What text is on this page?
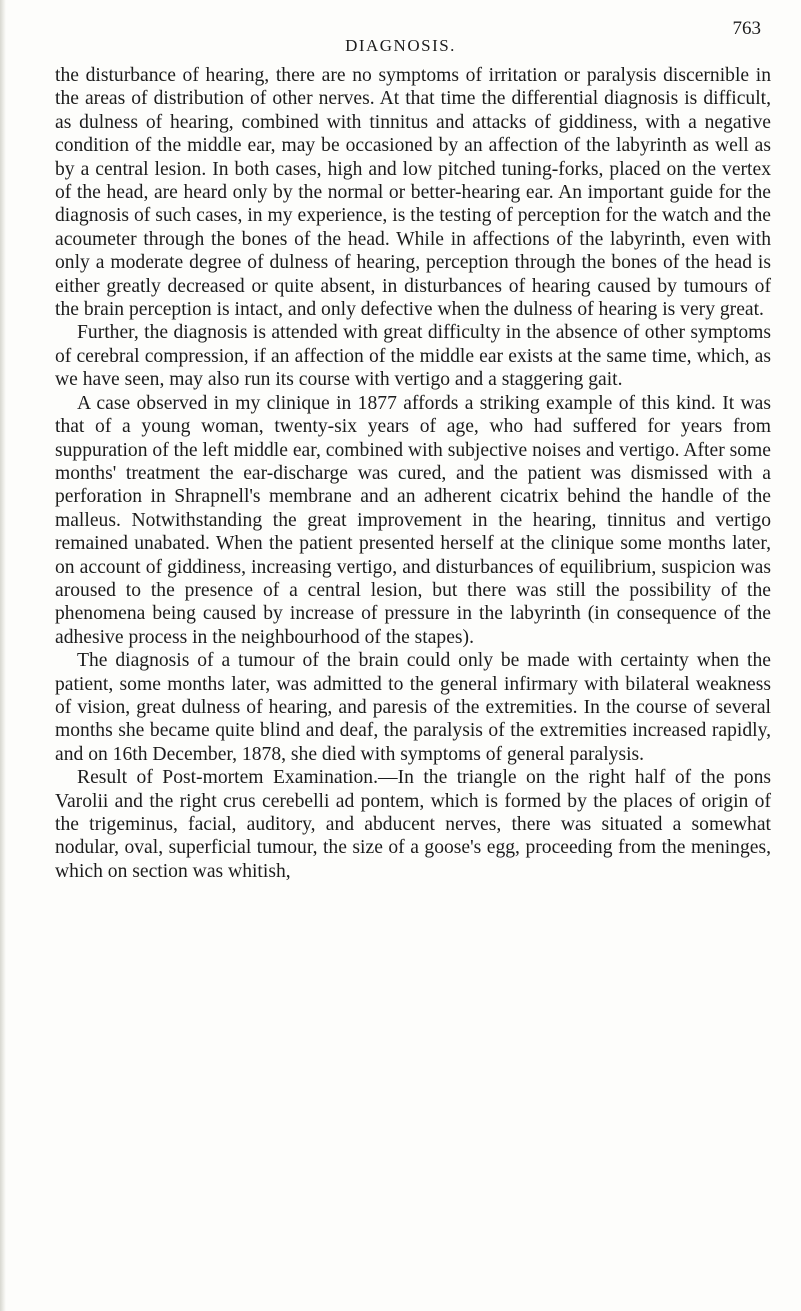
DIAGNOSIS.
763

the disturbance of hearing, there are no symptoms of irritation or paralysis discernible in the areas of distribution of other nerves. At that time the differential diagnosis is difficult, as dulness of hearing, combined with tinnitus and attacks of giddiness, with a negative condition of the middle ear, may be occasioned by an affection of the labyrinth as well as by a central lesion. In both cases, high and low pitched tuning-forks, placed on the vertex of the head, are heard only by the normal or better-hearing ear. An important guide for the diagnosis of such cases, in my experience, is the testing of perception for the watch and the acoumeter through the bones of the head. While in affections of the labyrinth, even with only a moderate degree of dulness of hearing, perception through the bones of the head is either greatly decreased or quite absent, in disturbances of hearing caused by tumours of the brain perception is intact, and only defective when the dulness of hearing is very great.

Further, the diagnosis is attended with great difficulty in the absence of other symptoms of cerebral compression, if an affection of the middle ear exists at the same time, which, as we have seen, may also run its course with vertigo and a staggering gait.

A case observed in my clinique in 1877 affords a striking example of this kind. It was that of a young woman, twenty-six years of age, who had suffered for years from suppuration of the left middle ear, combined with subjective noises and vertigo. After some months' treatment the ear-discharge was cured, and the patient was dismissed with a perforation in Shrapnell's membrane and an adherent cicatrix behind the handle of the malleus. Notwithstanding the great improvement in the hearing, tinnitus and vertigo remained unabated. When the patient presented herself at the clinique some months later, on account of giddiness, increasing vertigo, and disturbances of equilibrium, suspicion was aroused to the presence of a central lesion, but there was still the possibility of the phenomena being caused by increase of pressure in the labyrinth (in consequence of the adhesive process in the neighbourhood of the stapes).

The diagnosis of a tumour of the brain could only be made with certainty when the patient, some months later, was admitted to the general infirmary with bilateral weakness of vision, great dulness of hearing, and paresis of the extremities. In the course of several months she became quite blind and deaf, the paralysis of the extremities increased rapidly, and on 16th December, 1878, she died with symptoms of general paralysis.

Result of Post-mortem Examination.—In the triangle on the right half of the pons Varolii and the right crus cerebelli ad pontem, which is formed by the places of origin of the trigeminus, facial, auditory, and abducent nerves, there was situated a somewhat nodular, oval, superficial tumour, the size of a goose's egg, proceeding from the meninges, which on section was whitish,
